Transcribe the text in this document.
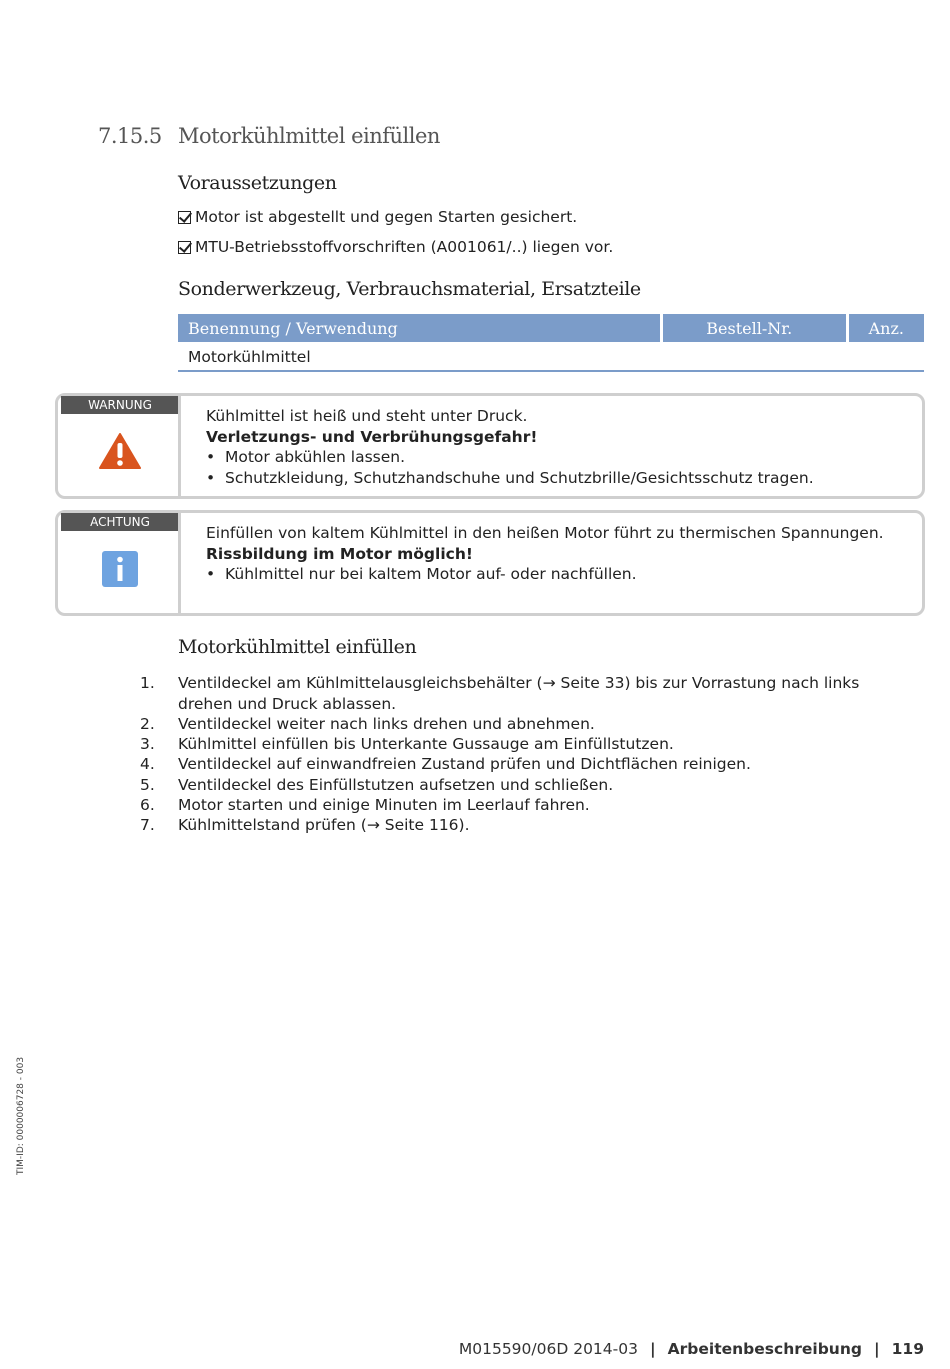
7.15.5 Motorkühlmittel einfüllen
Voraussetzungen
Motor ist abgestellt und gegen Starten gesichert.
MTU-Betriebsstoffvorschriften (A001061/..) liegen vor.
Sonderwerkzeug, Verbrauchsmaterial, Ersatzteile
Benennung / Verwendung	Bestell-Nr.	Anz.
Motorkühlmittel
WARNUNG
Kühlmittel ist heiß und steht unter Druck.
Verletzungs- und Verbrühungsgefahr!
• Motor abkühlen lassen.
• Schutzkleidung, Schutzhandschuhe und Schutzbrille/Gesichtsschutz tragen.
ACHTUNG
Einfüllen von kaltem Kühlmittel in den heißen Motor führt zu thermischen Spannungen.
Rissbildung im Motor möglich!
• Kühlmittel nur bei kaltem Motor auf- oder nachfüllen.
Motorkühlmittel einfüllen
1.	Ventildeckel am Kühlmittelausgleichsbehälter (→ Seite 33) bis zur Vorrastung nach links drehen und Druck ablassen.
2.	Ventildeckel weiter nach links drehen und abnehmen.
3.	Kühlmittel einfüllen bis Unterkante Gussauge am Einfüllstutzen.
4.	Ventildeckel auf einwandfreien Zustand prüfen und Dichtflächen reinigen.
5.	Ventildeckel des Einfüllstutzen aufsetzen und schließen.
6.	Motor starten und einige Minuten im Leerlauf fahren.
7.	Kühlmittelstand prüfen (→ Seite 116).
TIM-ID: 0000006728 - 003
M015590/06D 2014-03 | Arbeitenbeschreibung | 119
